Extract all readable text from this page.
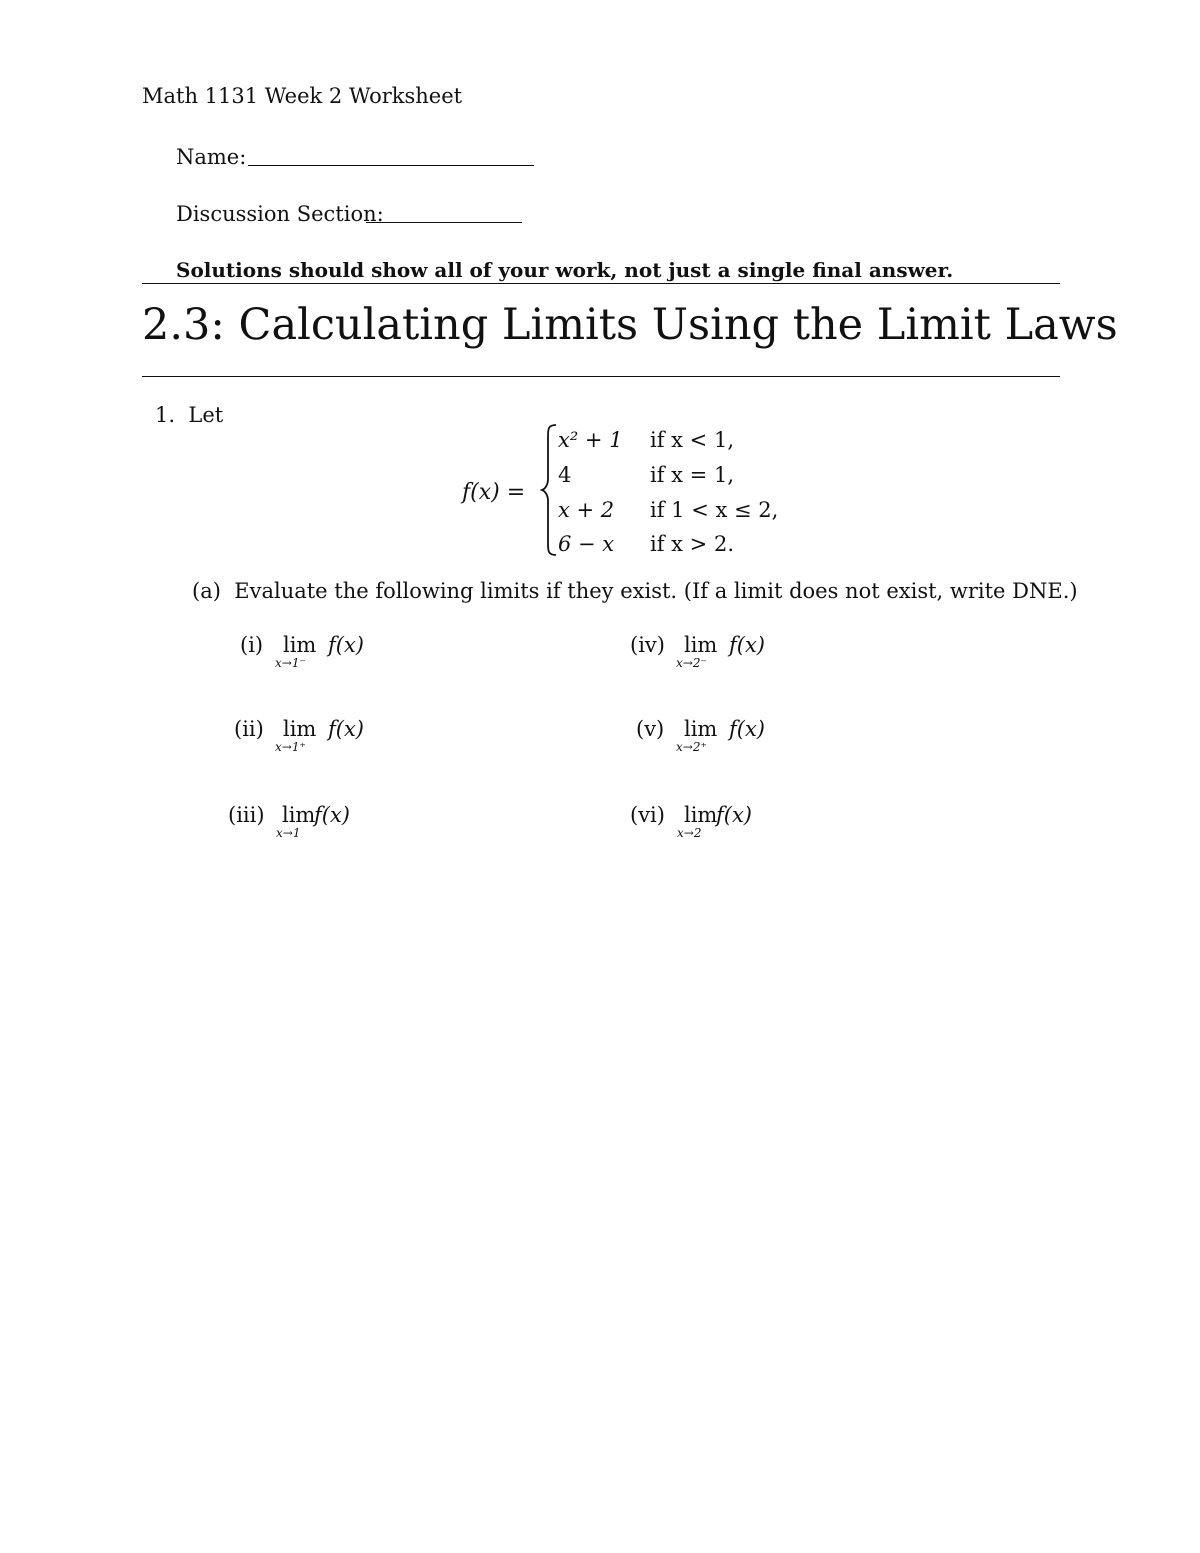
Math 1131 Week 2 Worksheet
Name:
Discussion Section:
Solutions should show all of your work, not just a single final answer.
2.3: Calculating Limits Using the Limit Laws
1. Let
f(x) =
x² + 1 if x < 1,
4	if x = 1,
x + 2 if 1 < x ≤ 2,
6 − x if x > 2.
(a) Evaluate the following limits if they exist. (If a limit does not exist, write DNE.)
(i) lim
x→1⁻
f(x)
(ii) lim
x→1⁺
f(x)
(iii) lim
x→1
f(x)
(iv) lim
x→2⁻
f(x)
(v) lim
x→2⁺
f(x)
(vi) lim
x→2
f(x)
